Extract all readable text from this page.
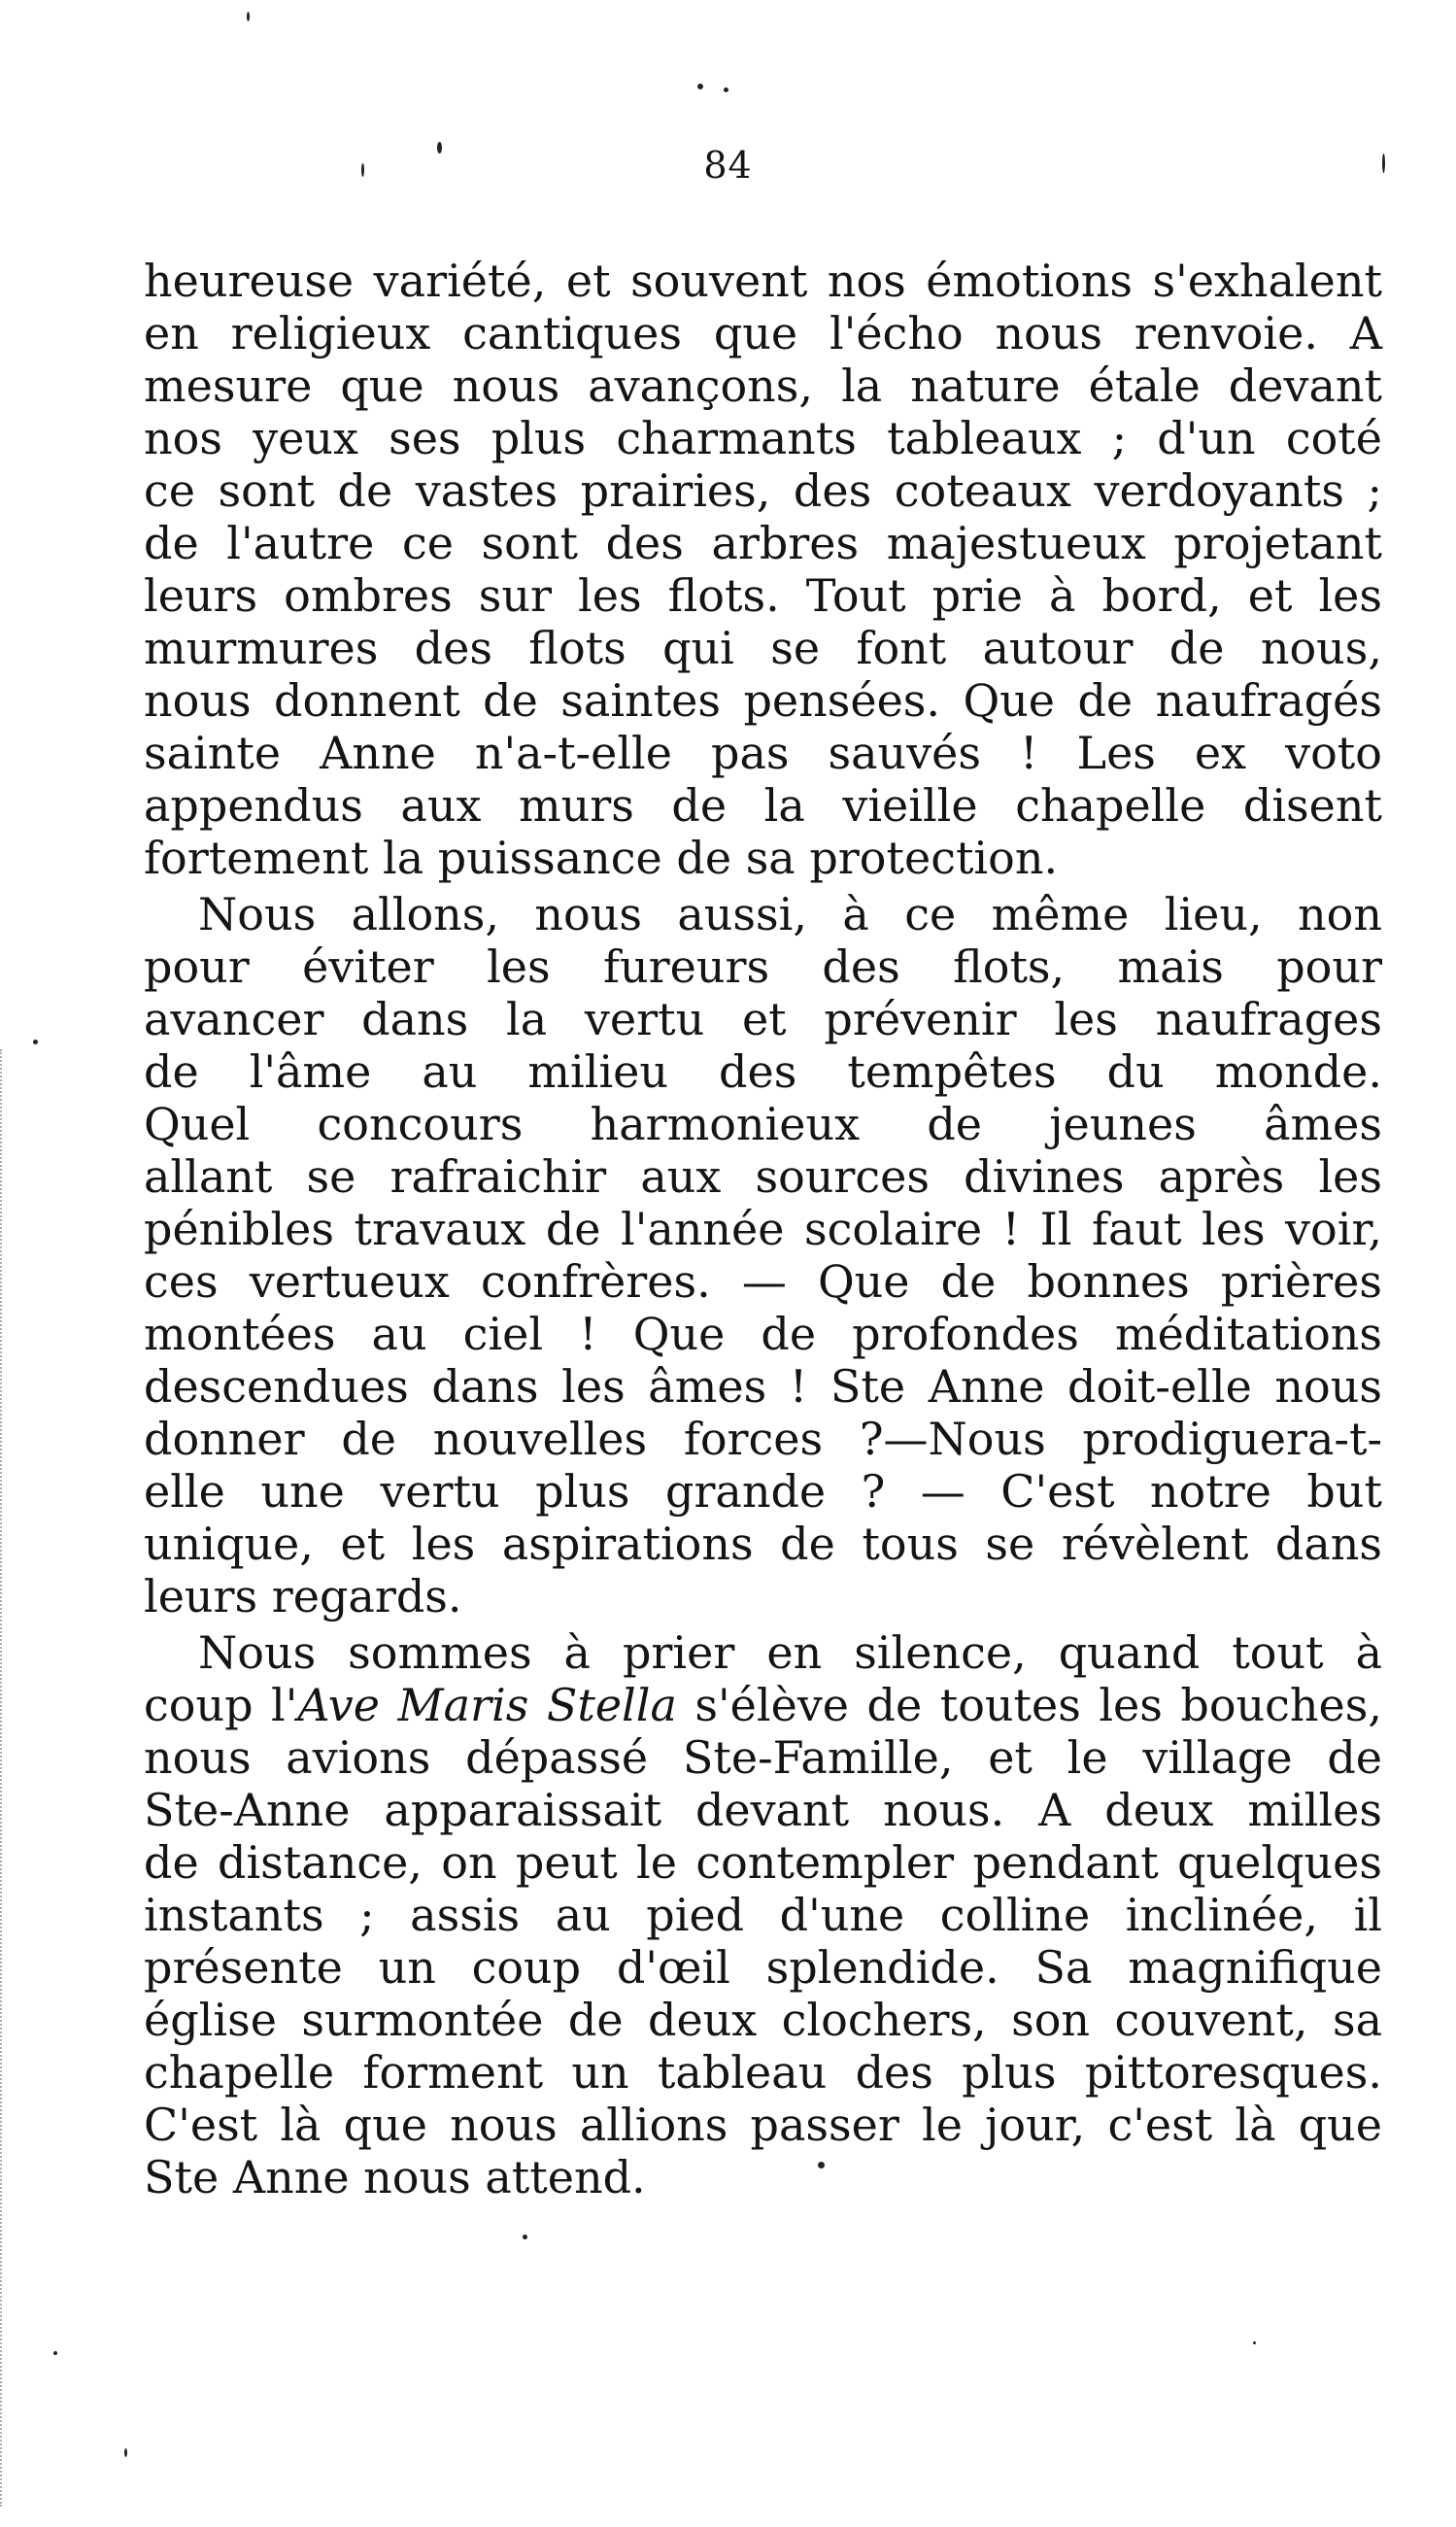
84
heureuse variété, et souvent nos émotions s'exhalent
en religieux cantiques que l'écho nous renvoie. A
mesure que nous avançons, la nature étale devant
nos yeux ses plus charmants tableaux ; d'un coté
ce sont de vastes prairies, des coteaux verdoyants ;
de l'autre ce sont des arbres majestueux projetant
leurs ombres sur les flots. Tout prie à bord, et les
murmures des flots qui se font autour de nous,
nous donnent de saintes pensées. Que de naufragés
sainte Anne n'a-t-elle pas sauvés ! Les ex voto
appendus aux murs de la vieille chapelle disent
fortement la puissance de sa protection.
Nous allons, nous aussi, à ce même lieu, non
pour éviter les fureurs des flots, mais pour
avancer dans la vertu et prévenir les naufrages
de l'âme au milieu des tempêtes du monde.
Quel concours harmonieux de jeunes âmes
allant se rafraichir aux sources divines après les
pénibles travaux de l'année scolaire ! Il faut les voir,
ces vertueux confrères. — Que de bonnes prières
montées au ciel ! Que de profondes méditations
descendues dans les âmes ! Ste Anne doit-elle nous
donner de nouvelles forces ?—Nous prodiguera-t-
elle une vertu plus grande ? — C'est notre but
unique, et les aspirations de tous se révèlent dans
leurs regards.
Nous sommes à prier en silence, quand tout à
coup l'Ave Maris Stella s'élève de toutes les bouches,
nous avions dépassé Ste-Famille, et le village de
Ste-Anne apparaissait devant nous. A deux milles
de distance, on peut le contempler pendant quelques
instants ; assis au pied d'une colline inclinée, il
présente un coup d'œil splendide. Sa magnifique
église surmontée de deux clochers, son couvent, sa
chapelle forment un tableau des plus pittoresques.
C'est là que nous allions passer le jour, c'est là que
Ste Anne nous attend.
